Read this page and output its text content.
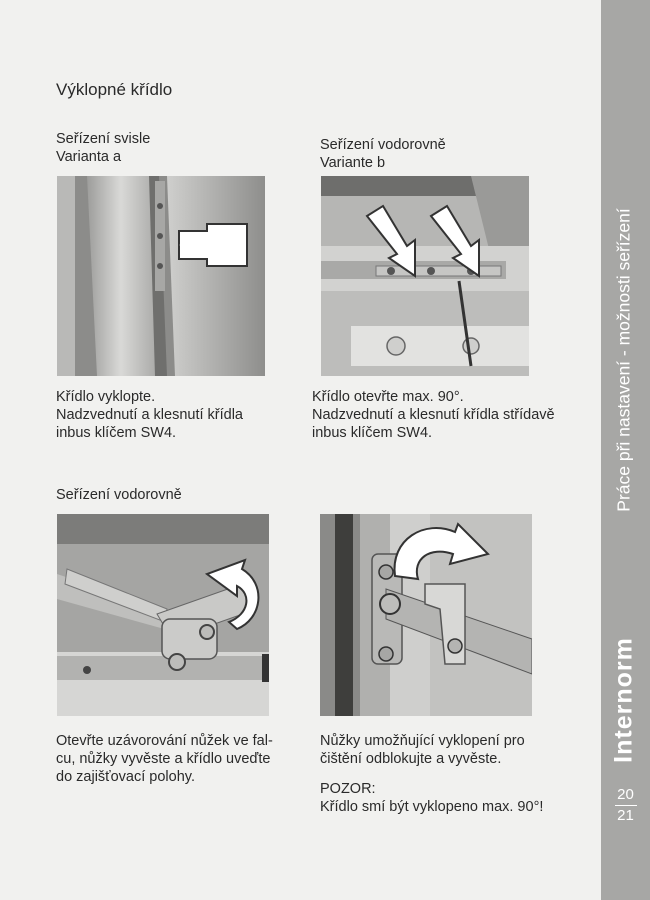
Výklopné křídlo
Seřízení svisle
Varianta a
Křídlo vyklopte.
Nadzvednutí a klesnutí křídla
inbus klíčem SW4.
Seřízení vodorovně
Variante b
Křídlo otevřte max. 90°.
Nadzvednutí a klesnutí křídla střídavě
inbus klíčem SW4.
Seřízení vodorovně
Otevřte uzávorování nůžek ve fal-
cu, nůžky vyvěste a křídlo uveďte
do zajišťovací polohy.
Nůžky umožňující vyklopení pro
čištění odblokujte a vyvěste.
POZOR:
Křídlo smí být vyklopeno max. 90°!
Práce při nastavení - možnosti seřízení
Internorm
20
21
